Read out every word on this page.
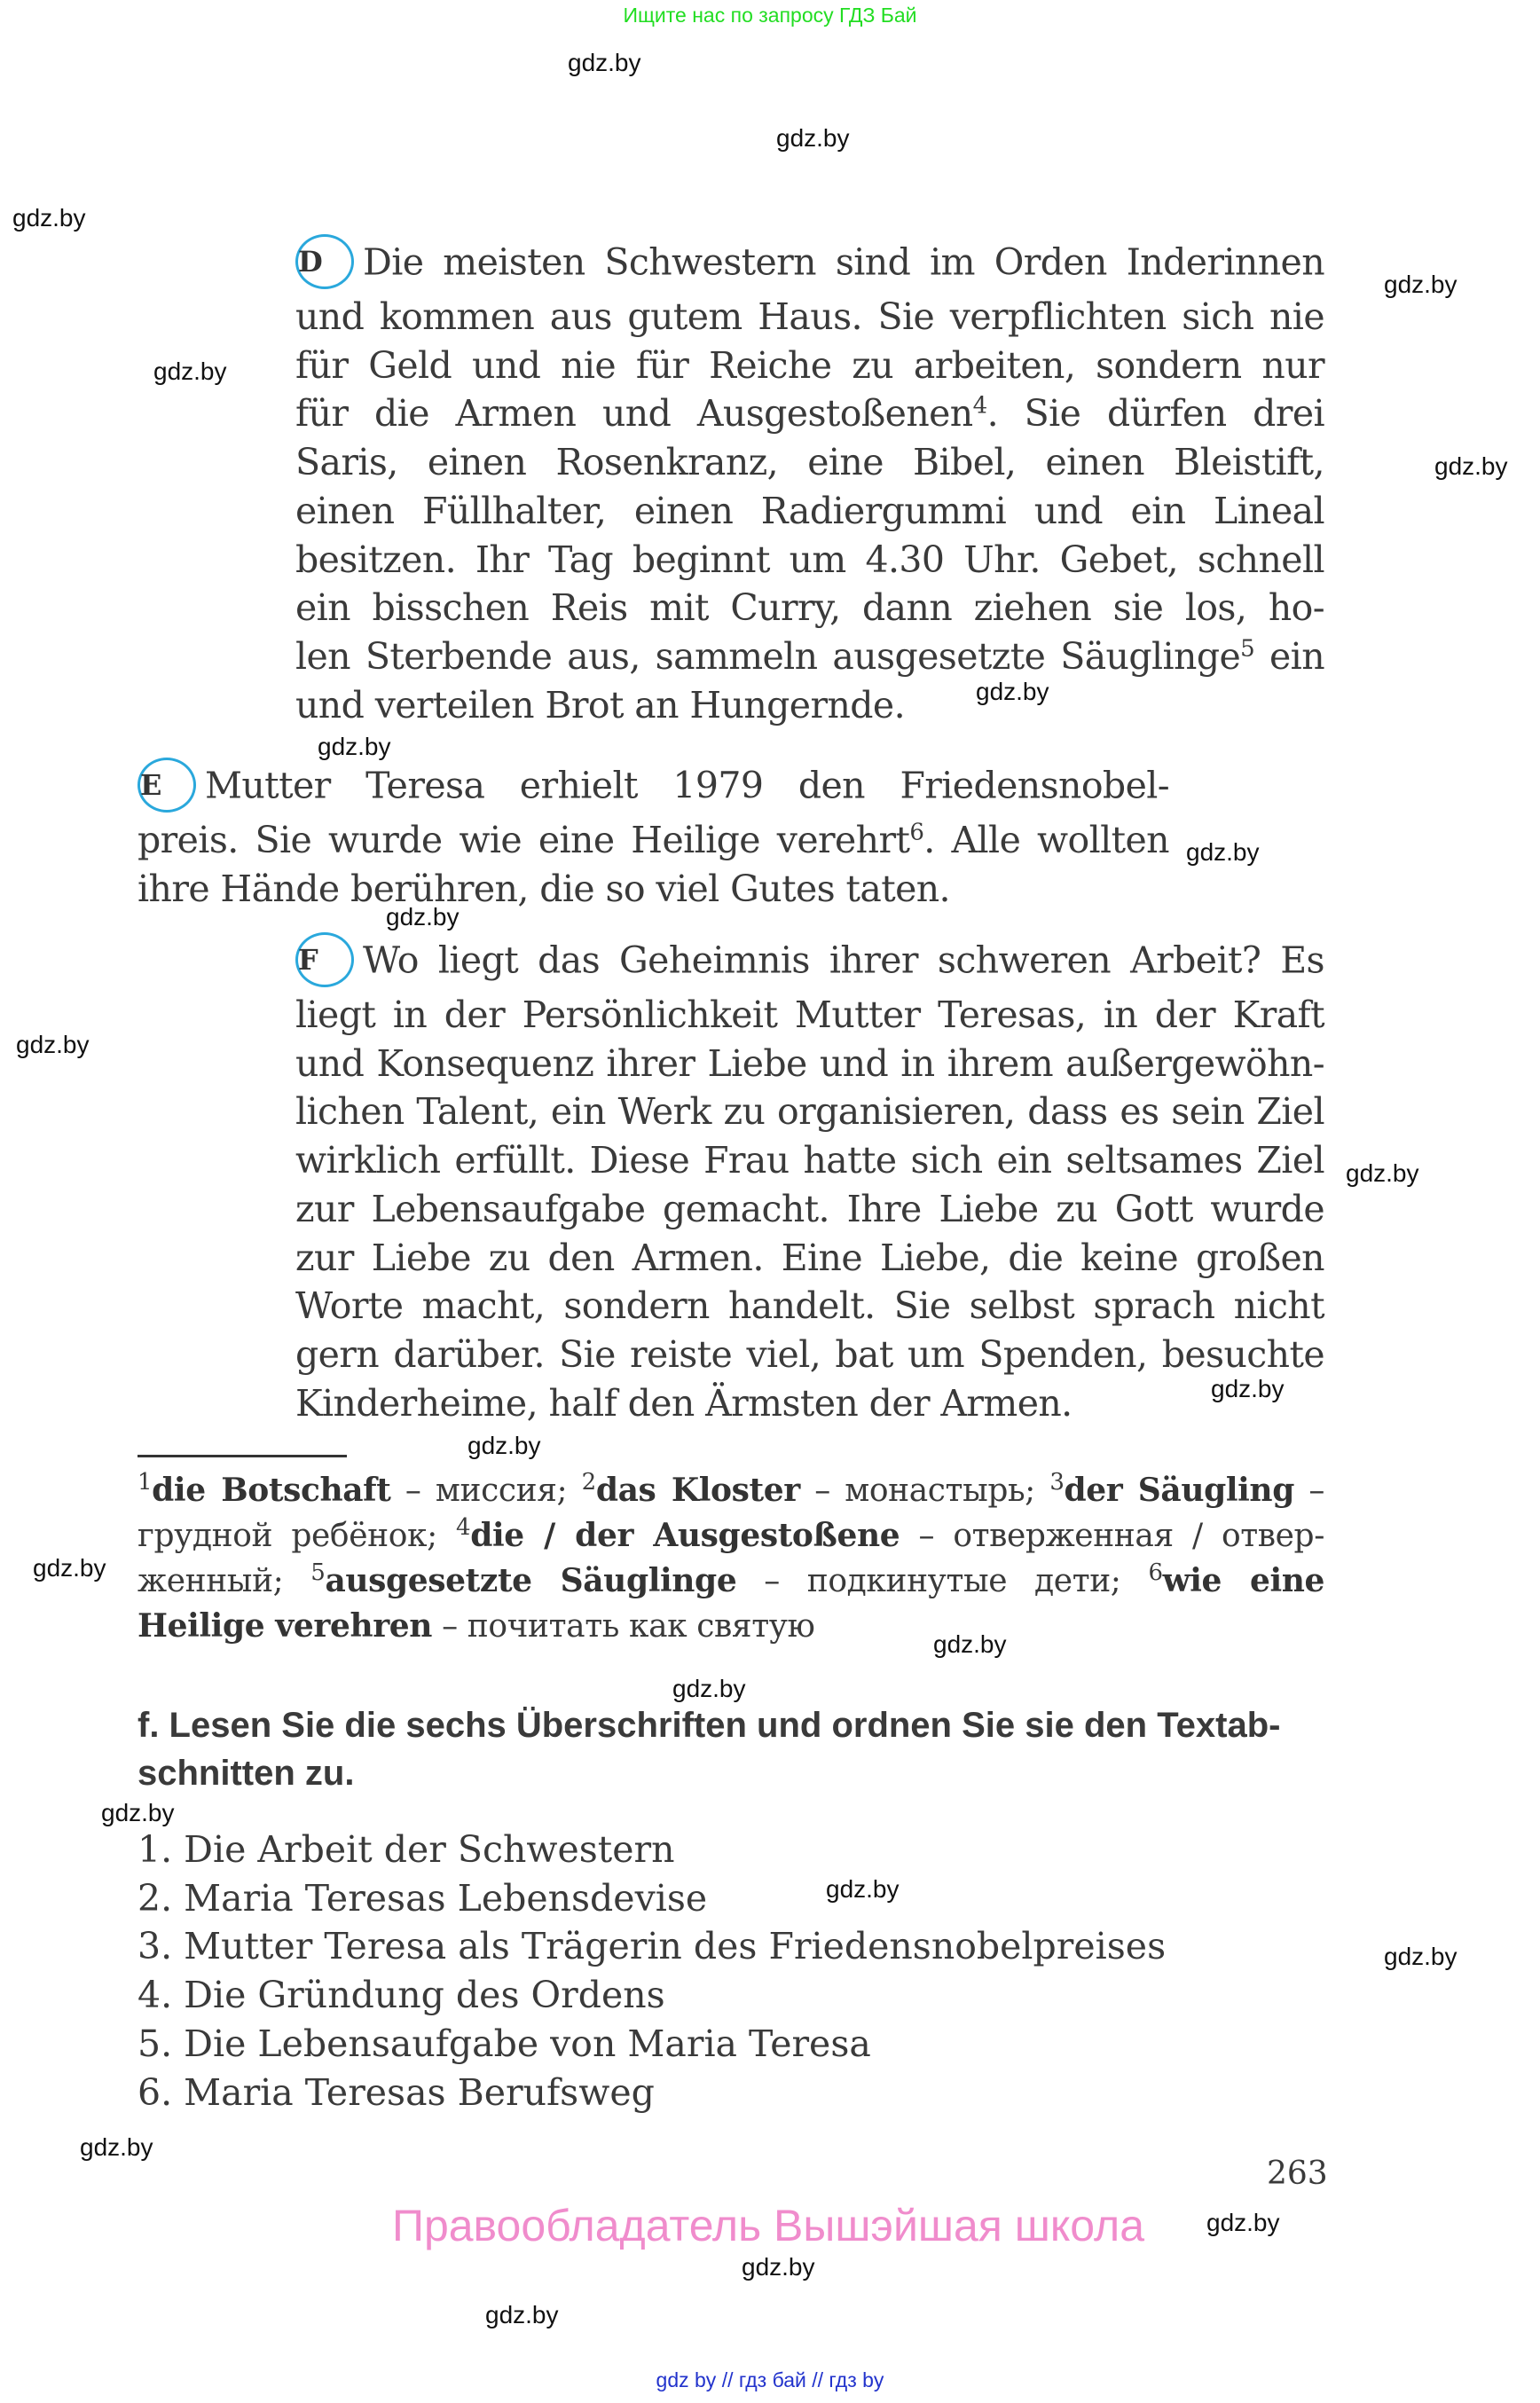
Ищите нас по запросу ГДЗ Бай
gdz.by
gdz.by
gdz.by
gdz.by
gdz.by
gdz.by
gdz.by
gdz.by
gdz.by
gdz.by
gdz.by
gdz.by
gdz.by
gdz.by
gdz.by
gdz.by
gdz.by
gdz.by
gdz.by
gdz.by
gdz.by
gdz.by
gdz.by
gdz.by
D Die meisten Schwestern sind im Orden Inderinnen
und kommen aus gutem Haus. Sie verpflichten sich nie
für Geld und nie für Reiche zu arbeiten, sondern nur
für die Armen und Ausgestoßenen$^4$. Sie dürfen drei
Saris, einen Rosenkranz, eine Bibel, einen Bleistift,
einen Füllhalter, einen Radiergummi und ein Lineal
besitzen. Ihr Tag beginnt um 4.30 Uhr. Gebet, schnell
ein bisschen Reis mit Curry, dann ziehen sie los, ho-
len Sterbende aus, sammeln ausgesetzte Säuglinge$^5$ ein
und verteilen Brot an Hungernde.
E Mutter Teresa erhielt 1979 den Friedensnobel-
preis. Sie wurde wie eine Heilige verehrt$^6$. Alle wollten
ihre Hände berühren, die so viel Gutes taten.
F Wo liegt das Geheimnis ihrer schweren Arbeit? Es
liegt in der Persönlichkeit Mutter Teresas, in der Kraft
und Konsequenz ihrer Liebe und in ihrem außergewöhn-
lichen Talent, ein Werk zu organisieren, dass es sein Ziel
wirklich erfüllt. Diese Frau hatte sich ein seltsames Ziel
zur Lebensaufgabe gemacht. Ihre Liebe zu Gott wurde
zur Liebe zu den Armen. Eine Liebe, die keine großen
Worte macht, sondern handelt. Sie selbst sprach nicht
gern darüber. Sie reiste viel, bat um Spenden, besuchte
Kinderheime, half den Ärmsten der Armen.
$^1$die Botschaft – миссия; $^2$das Kloster – монастырь; $^3$der Säugling –
грудной ребёнок; $^4$die / der Ausgestoßene – отверженная / отвер-
женный; $^5$ausgesetzte Säuglinge – подкинутые дети; $^6$wie eine
Heilige verehren – почитать как святую
f. Lesen Sie die sechs Überschriften und ordnen Sie sie den Textab-
schnitten zu.
1. Die Arbeit der Schwestern
2. Maria Teresas Lebensdevise
3. Mutter Teresa als Trägerin des Friedensnobelpreises
4. Die Gründung des Ordens
5. Die Lebensaufgabe von Maria Teresa
6. Maria Teresas Berufsweg
263
Правообладатель Вышэйшая школа
gdz by // гдз бай // гдз by
